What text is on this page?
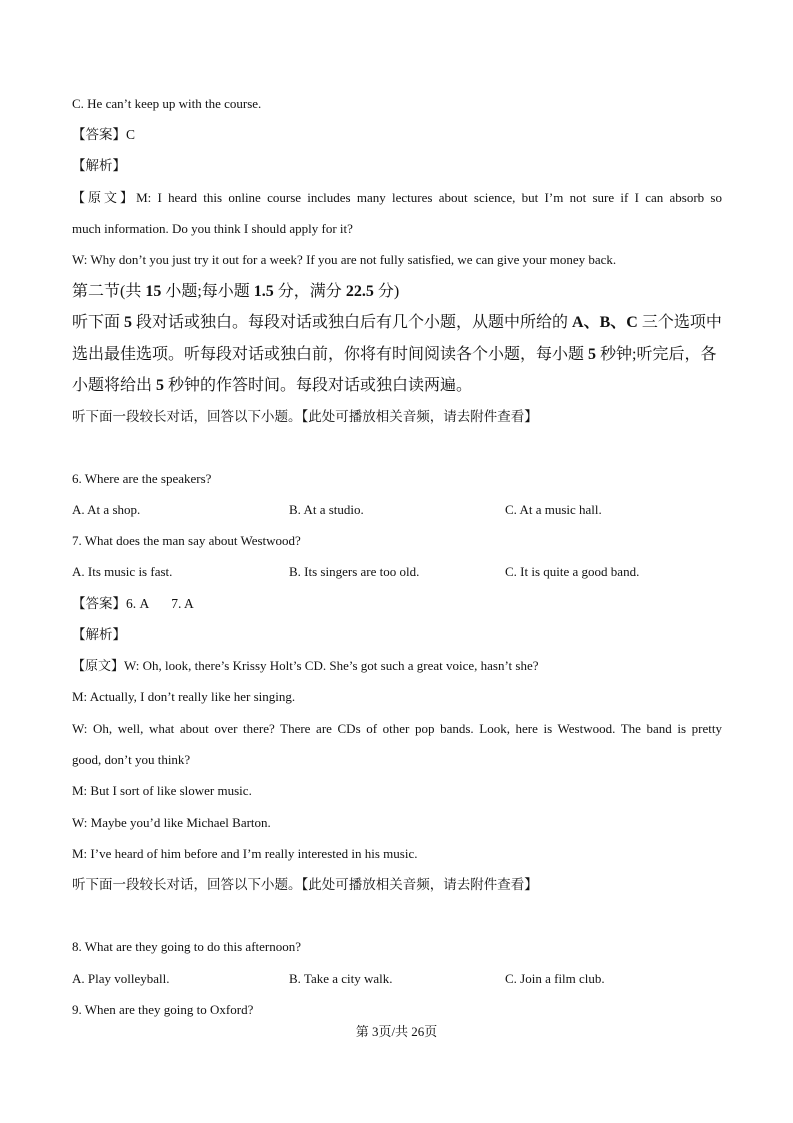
C. He can’t keep up with the course.
【答案】C
【解析】
【原文】M: I heard this online course includes many lectures about science, but I’m not sure if I can absorb so
much information. Do you think I should apply for it?
W: Why don’t you just try it out for a week? If you are not fully satisfied, we can give your money back.
第二节(共 15 小题;每小题 1.5 分，满分 22.5 分)
听下面 5 段对话或独白。每段对话或独白后有几个小题，从题中所给的 A、B、C 三个选项中
选出最佳选项。听每段对话或独白前，你将有时间阅读各个小题，每小题 5 秒钟;听完后，各
小题将给出 5 秒钟的作答时间。每段对话或独白读两遍。
听下面一段较长对话，回答以下小题。【此处可播放相关音频，请去附件查看】
6. Where are the speakers?
A. At a shop.	B. At a studio.	C. At a music hall.
7. What does the man say about Westwood?
A. Its music is fast.	B. Its singers are too old.	C. It is quite a good band.
【答案】6. A 7. A
【解析】
【原文】W: Oh, look, there’s Krissy Holt’s CD. She’s got such a great voice, hasn’t she?
M: Actually, I don’t really like her singing.
W: Oh, well, what about over there? There are CDs of other pop bands. Look, here is Westwood. The band is pretty
good, don’t you think?
M: But I sort of like slower music.
W: Maybe you’d like Michael Barton.
M: I’ve heard of him before and I’m really interested in his music.
听下面一段较长对话，回答以下小题。【此处可播放相关音频，请去附件查看】
8. What are they going to do this afternoon?
A. Play volleyball.	B. Take a city walk.	C. Join a film club.
9. When are they going to Oxford?
第 3页/共 26页
